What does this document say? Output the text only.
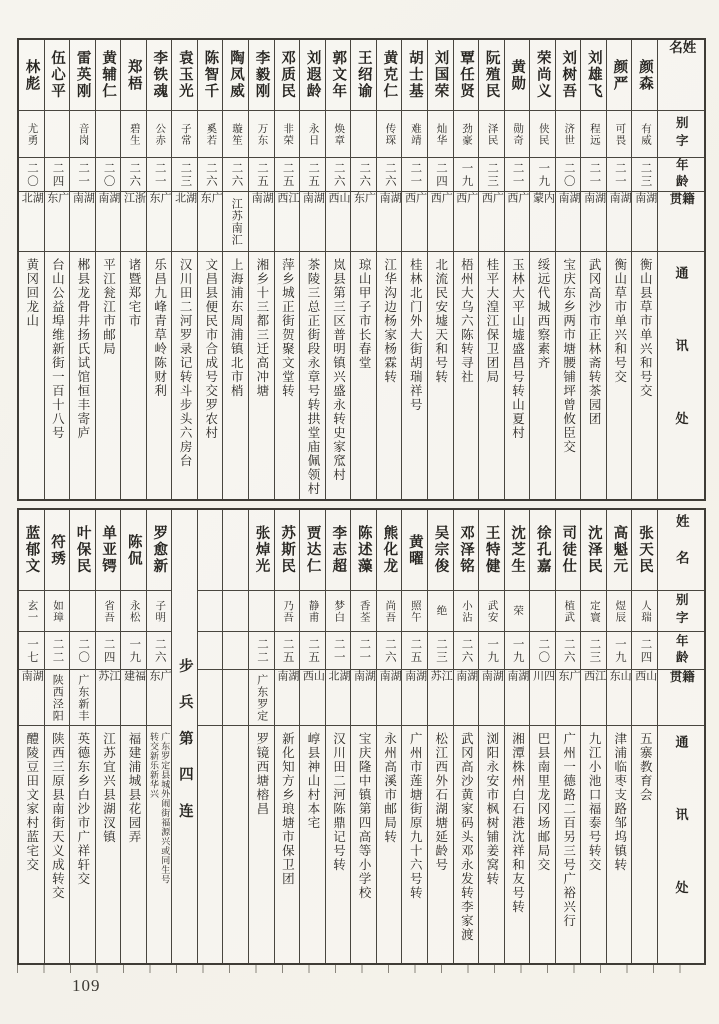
姓名
别字
年龄
籍贯
通讯处
颜森
有威
二三
湖南
衡山县草市单兴和号交
颜严
可畏
二一
湖南
衡山草市单兴和号交
刘雄飞
程远
二一
湖南
武冈高沙市正林斋转茶园团
刘树吾
济世
二〇
湖南
宝庆东乡两市塘腰铺坪曾攸臣交
荣尚义
侠民
一九
内蒙
绥远代城西察素齐
黄勋
勋奇
二一
广西
玉林大平山墟盛昌号转山夏村
阮殖民
泽民
二三
广西
桂平大湟江保卫团局
覃任贤
劲豪
一九
广西
梧州大乌六陈转寻社
刘国荣
灿华
二四
广西
北流民安墟天和号转
胡士基
难靖
二一
广西
桂林北门外大街胡瑞祥号
黄克仁
传琛
二六
湖南
江华沟边杨家杨霖转
王绍谕
二六
广东
琼山甲子市长春堂
郭文年
焕章
二六
山西
岚县第三区普明镇兴盛永转史家窊村
刘遐龄
永日
二五
湖南
茶陵三总正街段永章号转拱堂庙佩领村
邓质民
非荣
二五
江西
萍乡城正街贺聚文堂转
李毅刚
万东
二五
湖南
湘乡十三都三迁高冲塘
陶凤威
璇笙
二六
江苏南汇
上海浦东周浦镇北市梢
陈智千
奚若
二六
广东
文昌县便民市合成号交罗农村
袁玉光
子常
二三
湖北
汉川田二河罗录记转斗步头六房台
李铁魂
公赤
二一
广东
乐昌九峰青草岭陈财利
郑梧
碧生
二六
浙江
诸暨郑宅市
黄辅仁
二〇
湖南
平江瓮江市邮局
雷英刚
音岗
二一
湖南
郴县龙骨井扬氏试馆恒丰寄庐
伍心平
二四
广东
台山公益埠维新街一百十八号
林彪
尤勇
二〇
湖北
黄冈回龙山
姓名
别字
年龄
籍贯
通讯处
张天民
人瑞
二四
山西
五寨教育会
高魁元
煜辰
一九
山东
津浦临枣支路邹坞镇转
沈泽民
定寰
二三
江西
九江小池口福泰号转交
司徒仕
植武
二六
广东
广州一德路二百另三号广裕兴行
徐孔嘉
二〇
四川
巴县南里龙冈场邮局交
沈芝生
荣
一九
湖南
湘潭株州白石港沈祥和友号转
王特健
武安
一九
湖南
浏阳永安市枫树铺姜窝转
邓泽铭
小沾
二六
湖南
武冈高沙黄家码头邓永发转李家渡
吴宗俊
绝
二三
江苏
松江西外石湖塘延龄号
黄曜
照午
二五
湖南
广州市莲塘街原九十六号转
熊化龙
尚吾
二六
湖南
永州高溪市邮局转
陈述藻
香荃
二一
湖南
宝庆隆中镇第四高等小学校
李志超
梦白
二一
湖北
汉川田二河陈鼎记号转
贾达仁
静甫
二五
山西
崞县神山村本宅
苏斯民
乃吾
二五
湖南
新化知方乡琅塘市保卫团
张焯光
二二
广东罗定
罗镜西塘榕昌
步兵第四连
罗愈新
子明
二六
广东
广东罗定县城外闹街福源兴或同生号转交新乐新华兴
陈侃
永松
一九
福建
福建浦城县花园弄
单亚锷
省吾
二四
江苏
江苏宜兴县湖汊镇
叶保民
二〇
广东新丰
英德东乡白沙市广祥轩交
符琇
如璋
二二
陕西泾阳
陕西三原县南街天义成转交
蓝郁文
玄一
一七
湖南
醴陵豆田文家村蓝宅交
109
